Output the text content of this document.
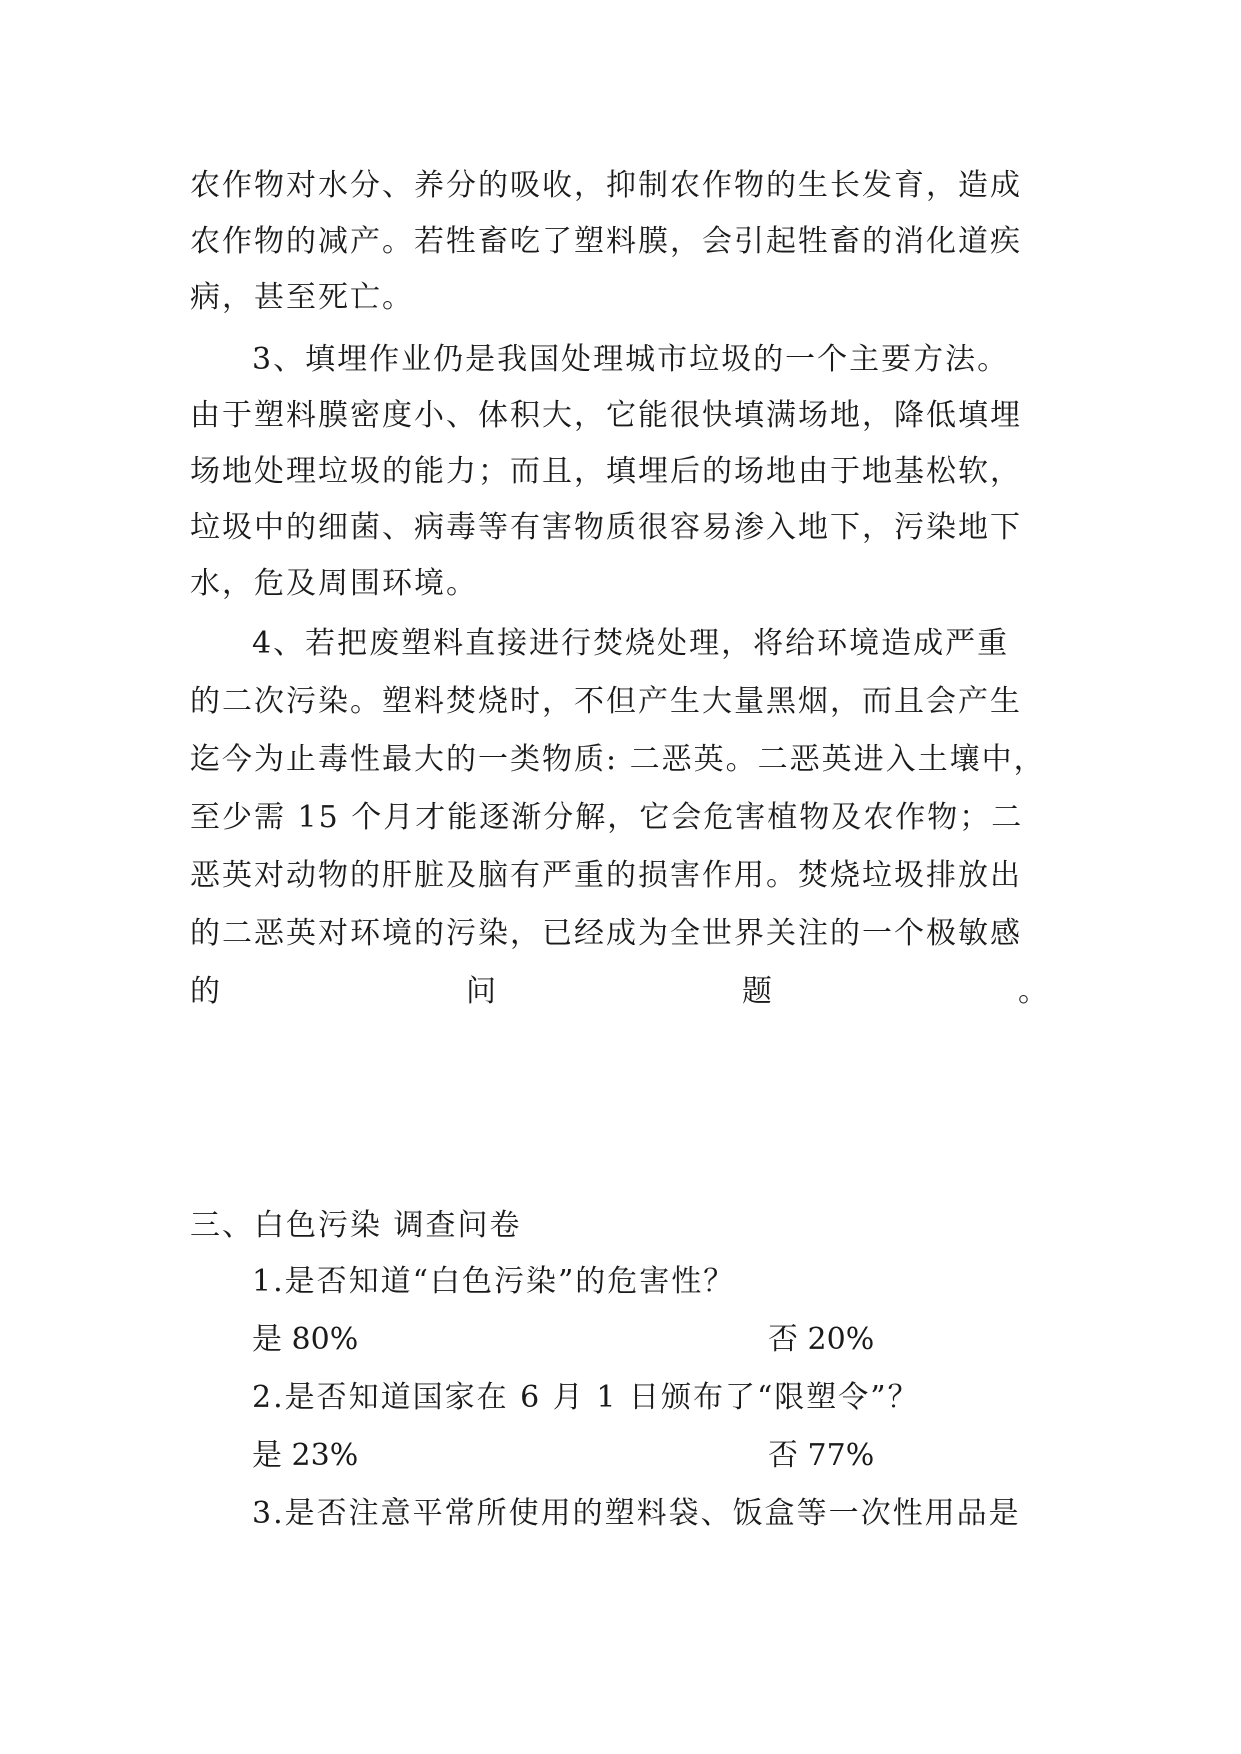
农作物对水分、养分的吸收，抑制农作物的生长发育，造成
农作物的减产。若牲畜吃了塑料膜，会引起牲畜的消化道疾
病，甚至死亡。
3、填埋作业仍是我国处理城市垃圾的一个主要方法。
由于塑料膜密度小、体积大，它能很快填满场地，降低填埋
场地处理垃圾的能力；而且，填埋后的场地由于地基松软，
垃圾中的细菌、病毒等有害物质很容易渗入地下，污染地下
水，危及周围环境。
4、若把废塑料直接进行焚烧处理，将给环境造成严重
的二次污染。塑料焚烧时，不但产生大量黑烟，而且会产生
迄今为止毒性最大的一类物质: 二恶英。二恶英进入土壤中，
至少需 15 个月才能逐渐分解，它会危害植物及农作物；二
恶英对动物的肝脏及脑有严重的损害作用。焚烧垃圾排放出
的二恶英对环境的污染，已经成为全世界关注的一个极敏感
的	问	题	。
三、白色污染 调查问卷
1.是否知道“白色污染”的危害性？
是 80%	否 20%
2.是否知道国家在 6 月 1 日颁布了“限塑令”？
是 23%	否 77%
3.是否注意平常所使用的塑料袋、饭盒等一次性用品是
